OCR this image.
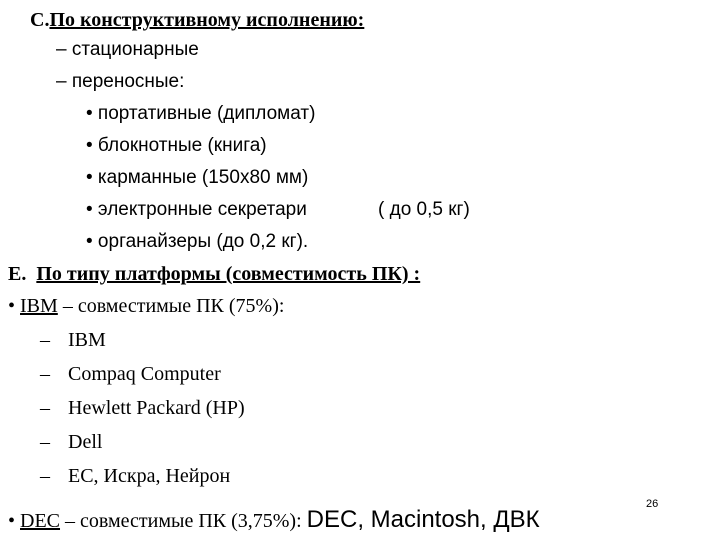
С.По конструктивному исполнению:
– стационарные
– переносные:
• портативные (дипломат)
• блокнотные (книга)
• карманные (150х80 мм)
• электронные секретари	( до 0,5 кг)
• органайзеры (до 0,2 кг).
E. По типу платформы (совместимость ПК) :
• IBM – совместимые ПК (75%):
– IBM
– Compaq Computer
– Hewlett Packard (HP)
– Dell
– ЕС, Искра, Нейрон
• DEC – совместимые ПК (3,75%): DEC, Macintosh, ДВК
26
